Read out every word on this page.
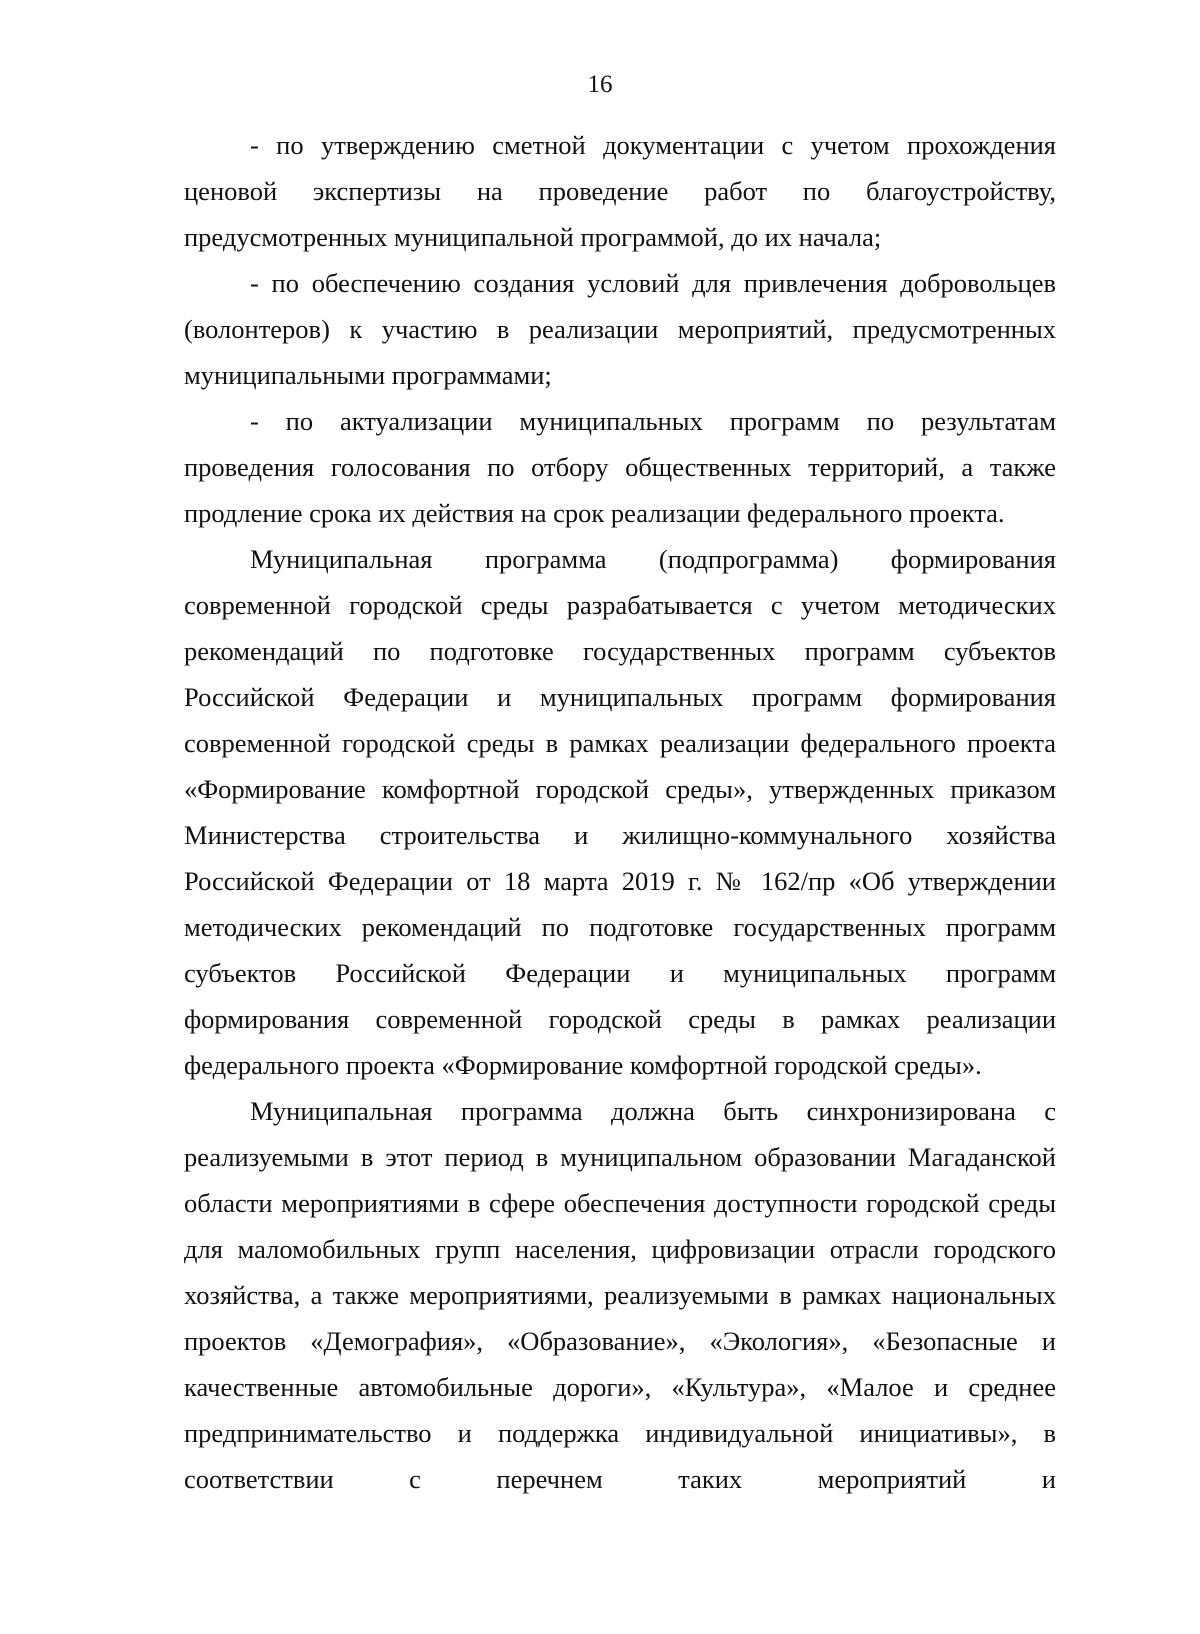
16

- по утверждению сметной документации с учетом прохождения ценовой экспертизы на проведение работ по благоустройству, предусмотренных муниципальной программой, до их начала;

- по обеспечению создания условий для привлечения добровольцев (волонтеров) к участию в реализации мероприятий, предусмотренных муниципальными программами;

- по актуализации муниципальных программ по результатам проведения голосования по отбору общественных территорий, а также продление срока их действия на срок реализации федерального проекта.

Муниципальная программа (подпрограмма) формирования современной городской среды разрабатывается с учетом методических рекомендаций по подготовке государственных программ субъектов Российской Федерации и муниципальных программ формирования современной городской среды в рамках реализации федерального проекта «Формирование комфортной городской среды», утвержденных приказом Министерства строительства и жилищно-коммунального хозяйства Российской Федерации от 18 марта 2019 г. № 162/пр «Об утверждении методических рекомендаций по подготовке государственных программ субъектов Российской Федерации и муниципальных программ формирования современной городской среды в рамках реализации федерального проекта «Формирование комфортной городской среды».

Муниципальная программа должна быть синхронизирована с реализуемыми в этот период в муниципальном образовании Магаданской области мероприятиями в сфере обеспечения доступности городской среды для маломобильных групп населения, цифровизации отрасли городского хозяйства, а также мероприятиями, реализуемыми в рамках национальных проектов «Демография», «Образование», «Экология», «Безопасные и качественные автомобильные дороги», «Культура», «Малое и среднее предпринимательство и поддержка индивидуальной инициативы», в соответствии с перечнем таких мероприятий и
